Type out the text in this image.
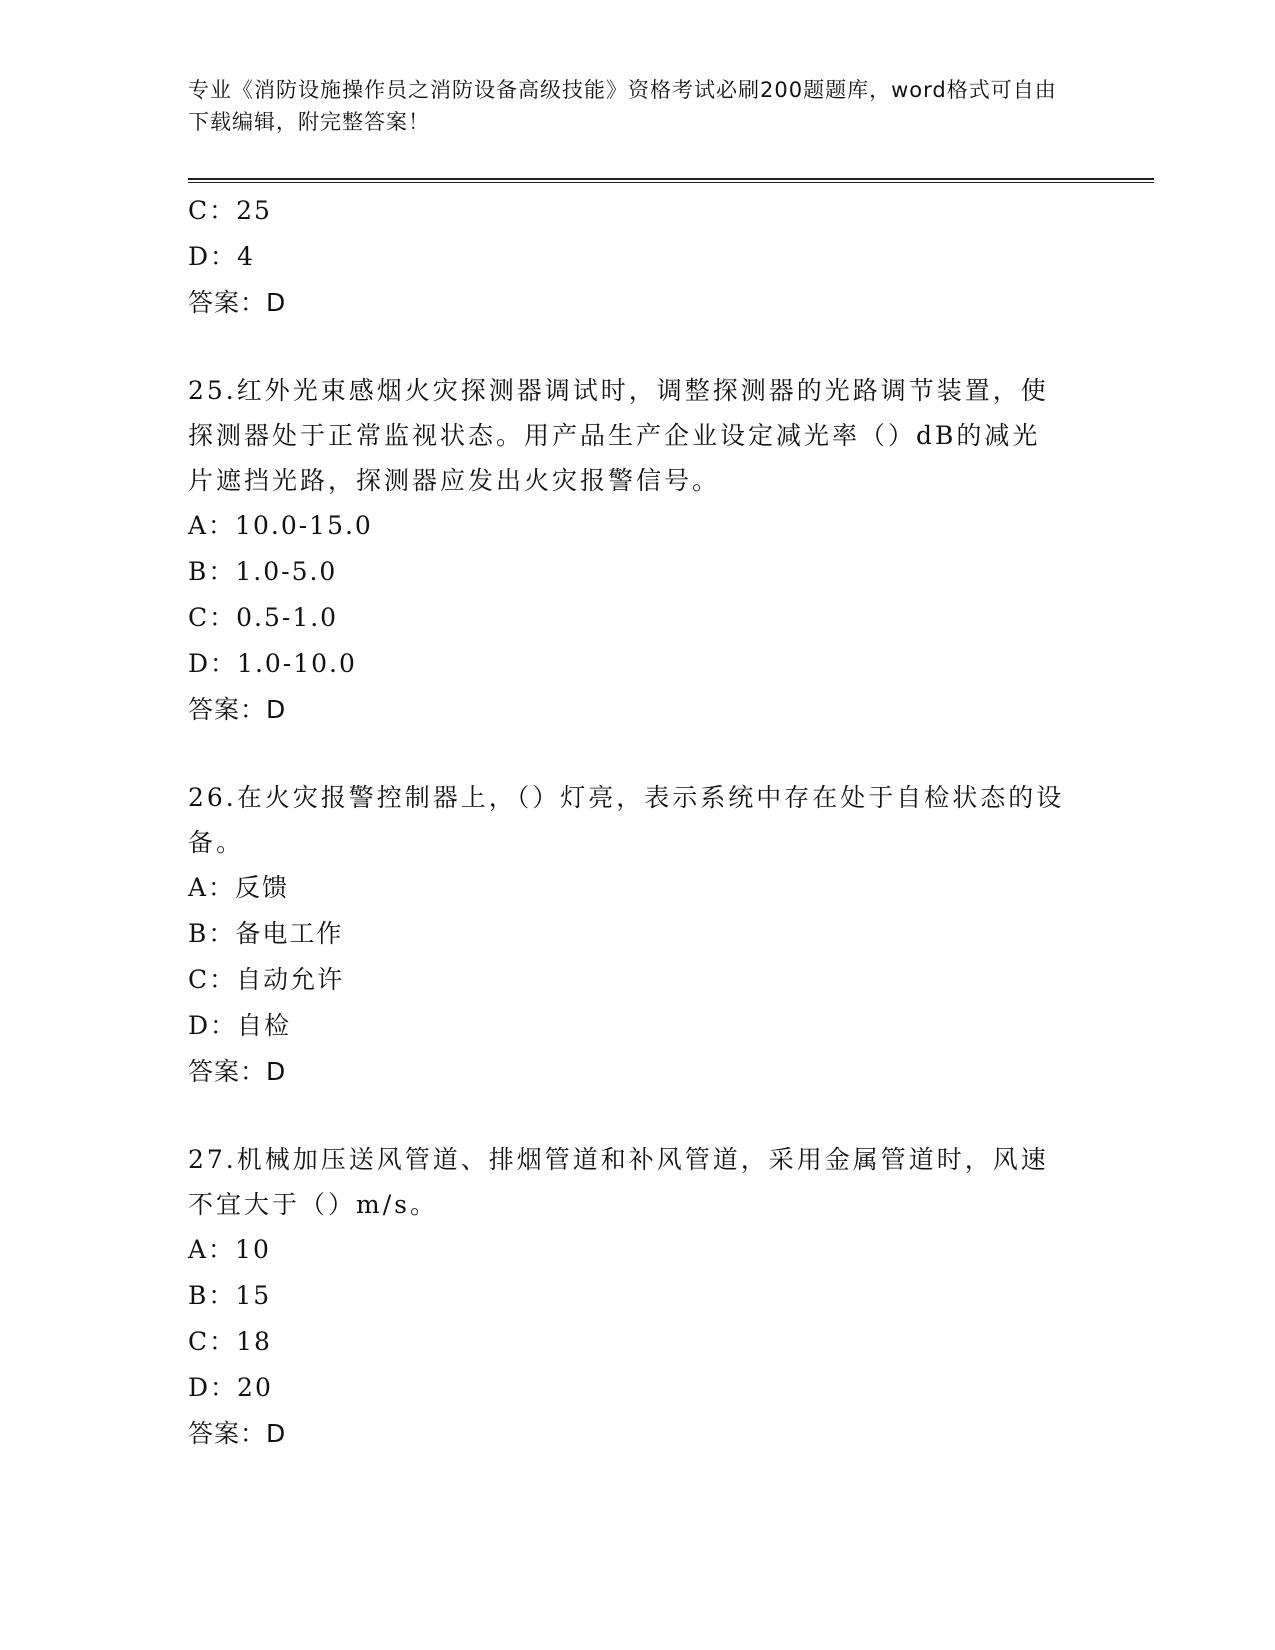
专业《消防设施操作员之消防设备高级技能》资格考试必刷200题题库，word格式可自由下载编辑，附完整答案！
C：25
D：4
答案：D
25.红外光束感烟火灾探测器调试时，调整探测器的光路调节装置，使探测器处于正常监视状态。用产品生产企业设定减光率（）dB的减光片遮挡光路，探测器应发出火灾报警信号。
A：10.0-15.0
B：1.0-5.0
C：0.5-1.0
D：1.0-10.0
答案：D
26.在火灾报警控制器上，（）灯亮，表示系统中存在处于自检状态的设备。
A：反馈
B：备电工作
C：自动允许
D：自检
答案：D
27.机械加压送风管道、排烟管道和补风管道，采用金属管道时，风速不宜大于（）m/s。
A：10
B：15
C：18
D：20
答案：D
